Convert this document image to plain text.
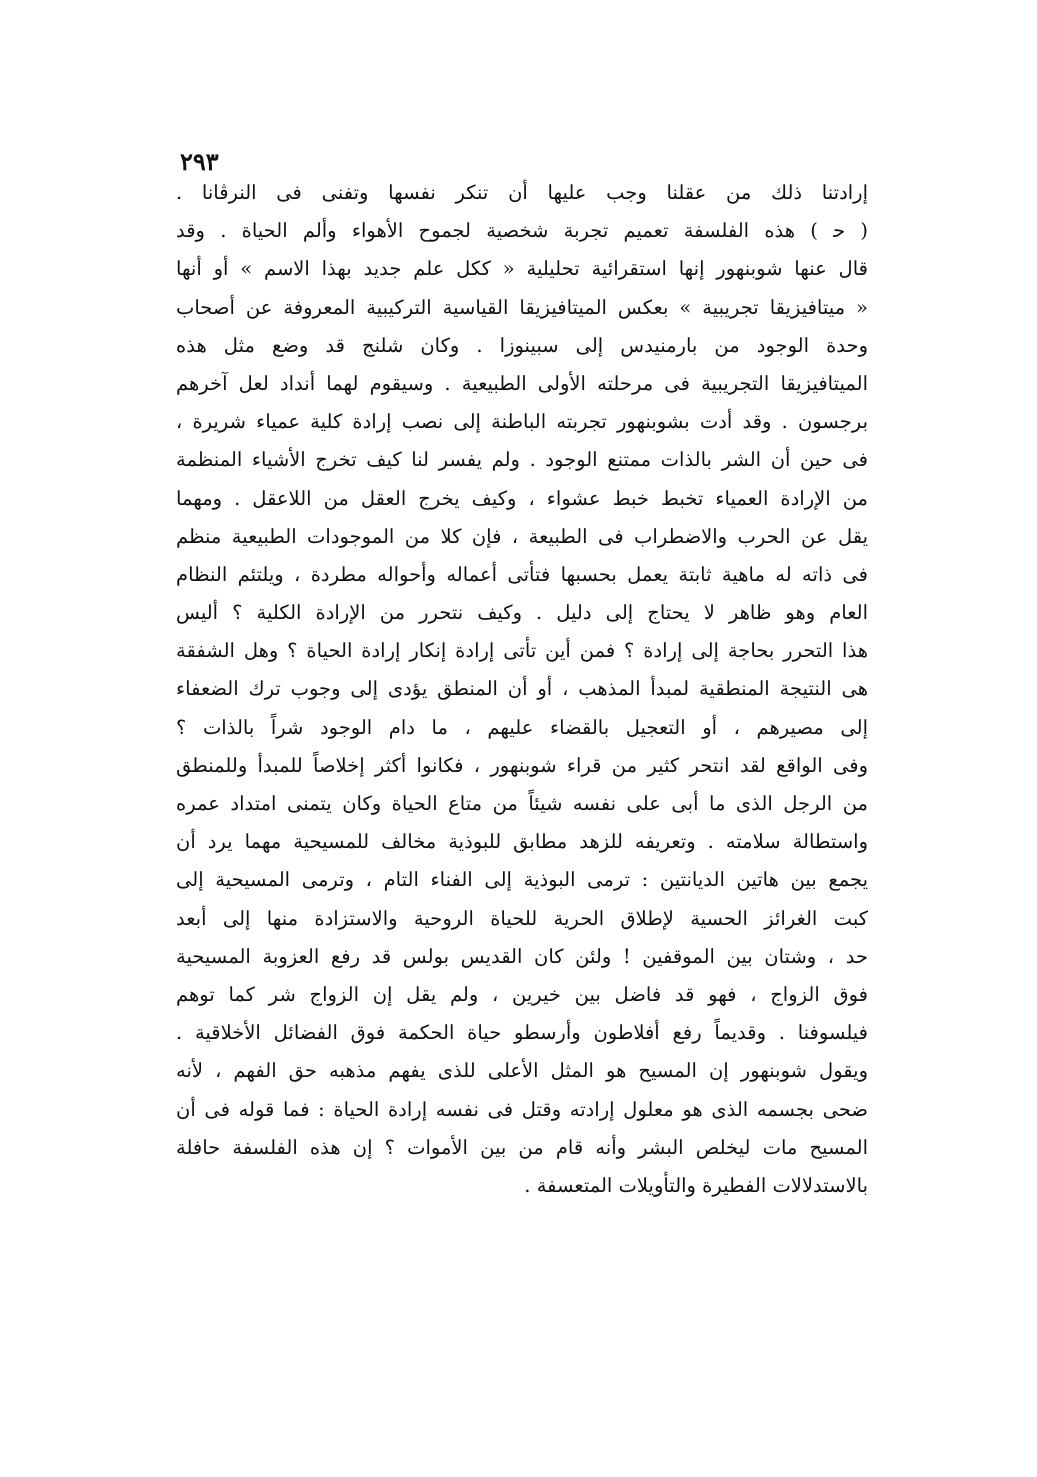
٢٩٣
إرادتنا ذلك من عقلنا وجب عليها أن تنكر نفسها وتفنى فى النرڤانا .
( ﺣ ) هذه الفلسفة تعميم تجربة شخصية لجموح الأهواء وألم الحياة . وقد
قال عنها شوبنهور إنها استقرائية تحليلية « ككل علم جديد بهذا الاسم » أو أنها
« ميتافيزيقا تجريبية » بعكس الميتافيزيقا القياسية التركيبية المعروفة عن أصحاب
وحدة الوجود من بارمنيدس إلى سبينوزا . وكان شلنج قد وضع مثل هذه
الميتافيزيقا التجريبية فى مرحلته الأولى الطبيعية . وسيقوم لهما أنداد لعل آخرهم
برجسون . وقد أدت بشوبنهور تجربته الباطنة إلى نصب إرادة كلية عمياء شريرة ،
فى حين أن الشر بالذات ممتنع الوجود . ولم يفسر لنا كيف تخرج الأشياء المنظمة
من الإرادة العمياء تخبط خبط عشواء ، وكيف يخرج العقل من اللاعقل . ومهما
يقل عن الحرب والاضطراب فى الطبيعة ، فإن كلا من الموجودات الطبيعية منظم
فى ذاته له ماهية ثابتة يعمل بحسبها فتأتى أعماله وأحواله مطردة ، ويلتئم النظام
العام وهو ظاهر لا يحتاج إلى دليل . وكيف نتحرر من الإرادة الكلية ؟ أليس
هذا التحرر بحاجة إلى إرادة ؟ فمن أين تأتى إرادة إنكار إرادة الحياة ؟ وهل الشفقة
هى النتيجة المنطقية لمبدأ المذهب ، أو أن المنطق يؤدى إلى وجوب ترك الضعفاء
إلى مصيرهم ، أو التعجيل بالقضاء عليهم ، ما دام الوجود شراً بالذات ؟
وفى الواقع لقد انتحر كثير من قراء شوبنهور ، فكانوا أكثر إخلاصاً للمبدأ وللمنطق
من الرجل الذى ما أبى على نفسه شيئاً من متاع الحياة وكان يتمنى امتداد عمره
واستطالة سلامته . وتعريفه للزهد مطابق للبوذية مخالف للمسيحية مهما يرد أن
يجمع بين هاتين الديانتين : ترمى البوذية إلى الفناء التام ، وترمى المسيحية إلى
كبت الغرائز الحسية لإطلاق الحرية للحياة الروحية والاستزادة منها إلى أبعد
حد ، وشتان بين الموقفين ! ولئن كان القديس بولس قد رفع العزوبة المسيحية
فوق الزواج ، فهو قد فاضل بين خيرين ، ولم يقل إن الزواج شر كما توهم
فيلسوفنا . وقديماً رفع أفلاطون وأرسطو حياة الحكمة فوق الفضائل الأخلاقية .
ويقول شوبنهور إن المسيح هو المثل الأعلى للذى يفهم مذهبه حق الفهم ، لأنه
ضحى بجسمه الذى هو معلول إرادته وقتل فى نفسه إرادة الحياة : فما قوله فى أن
المسيح مات ليخلص البشر وأنه قام من بين الأموات ؟ إن هذه الفلسفة حافلة
بالاستدلالات الفطيرة والتأويلات المتعسفة .
